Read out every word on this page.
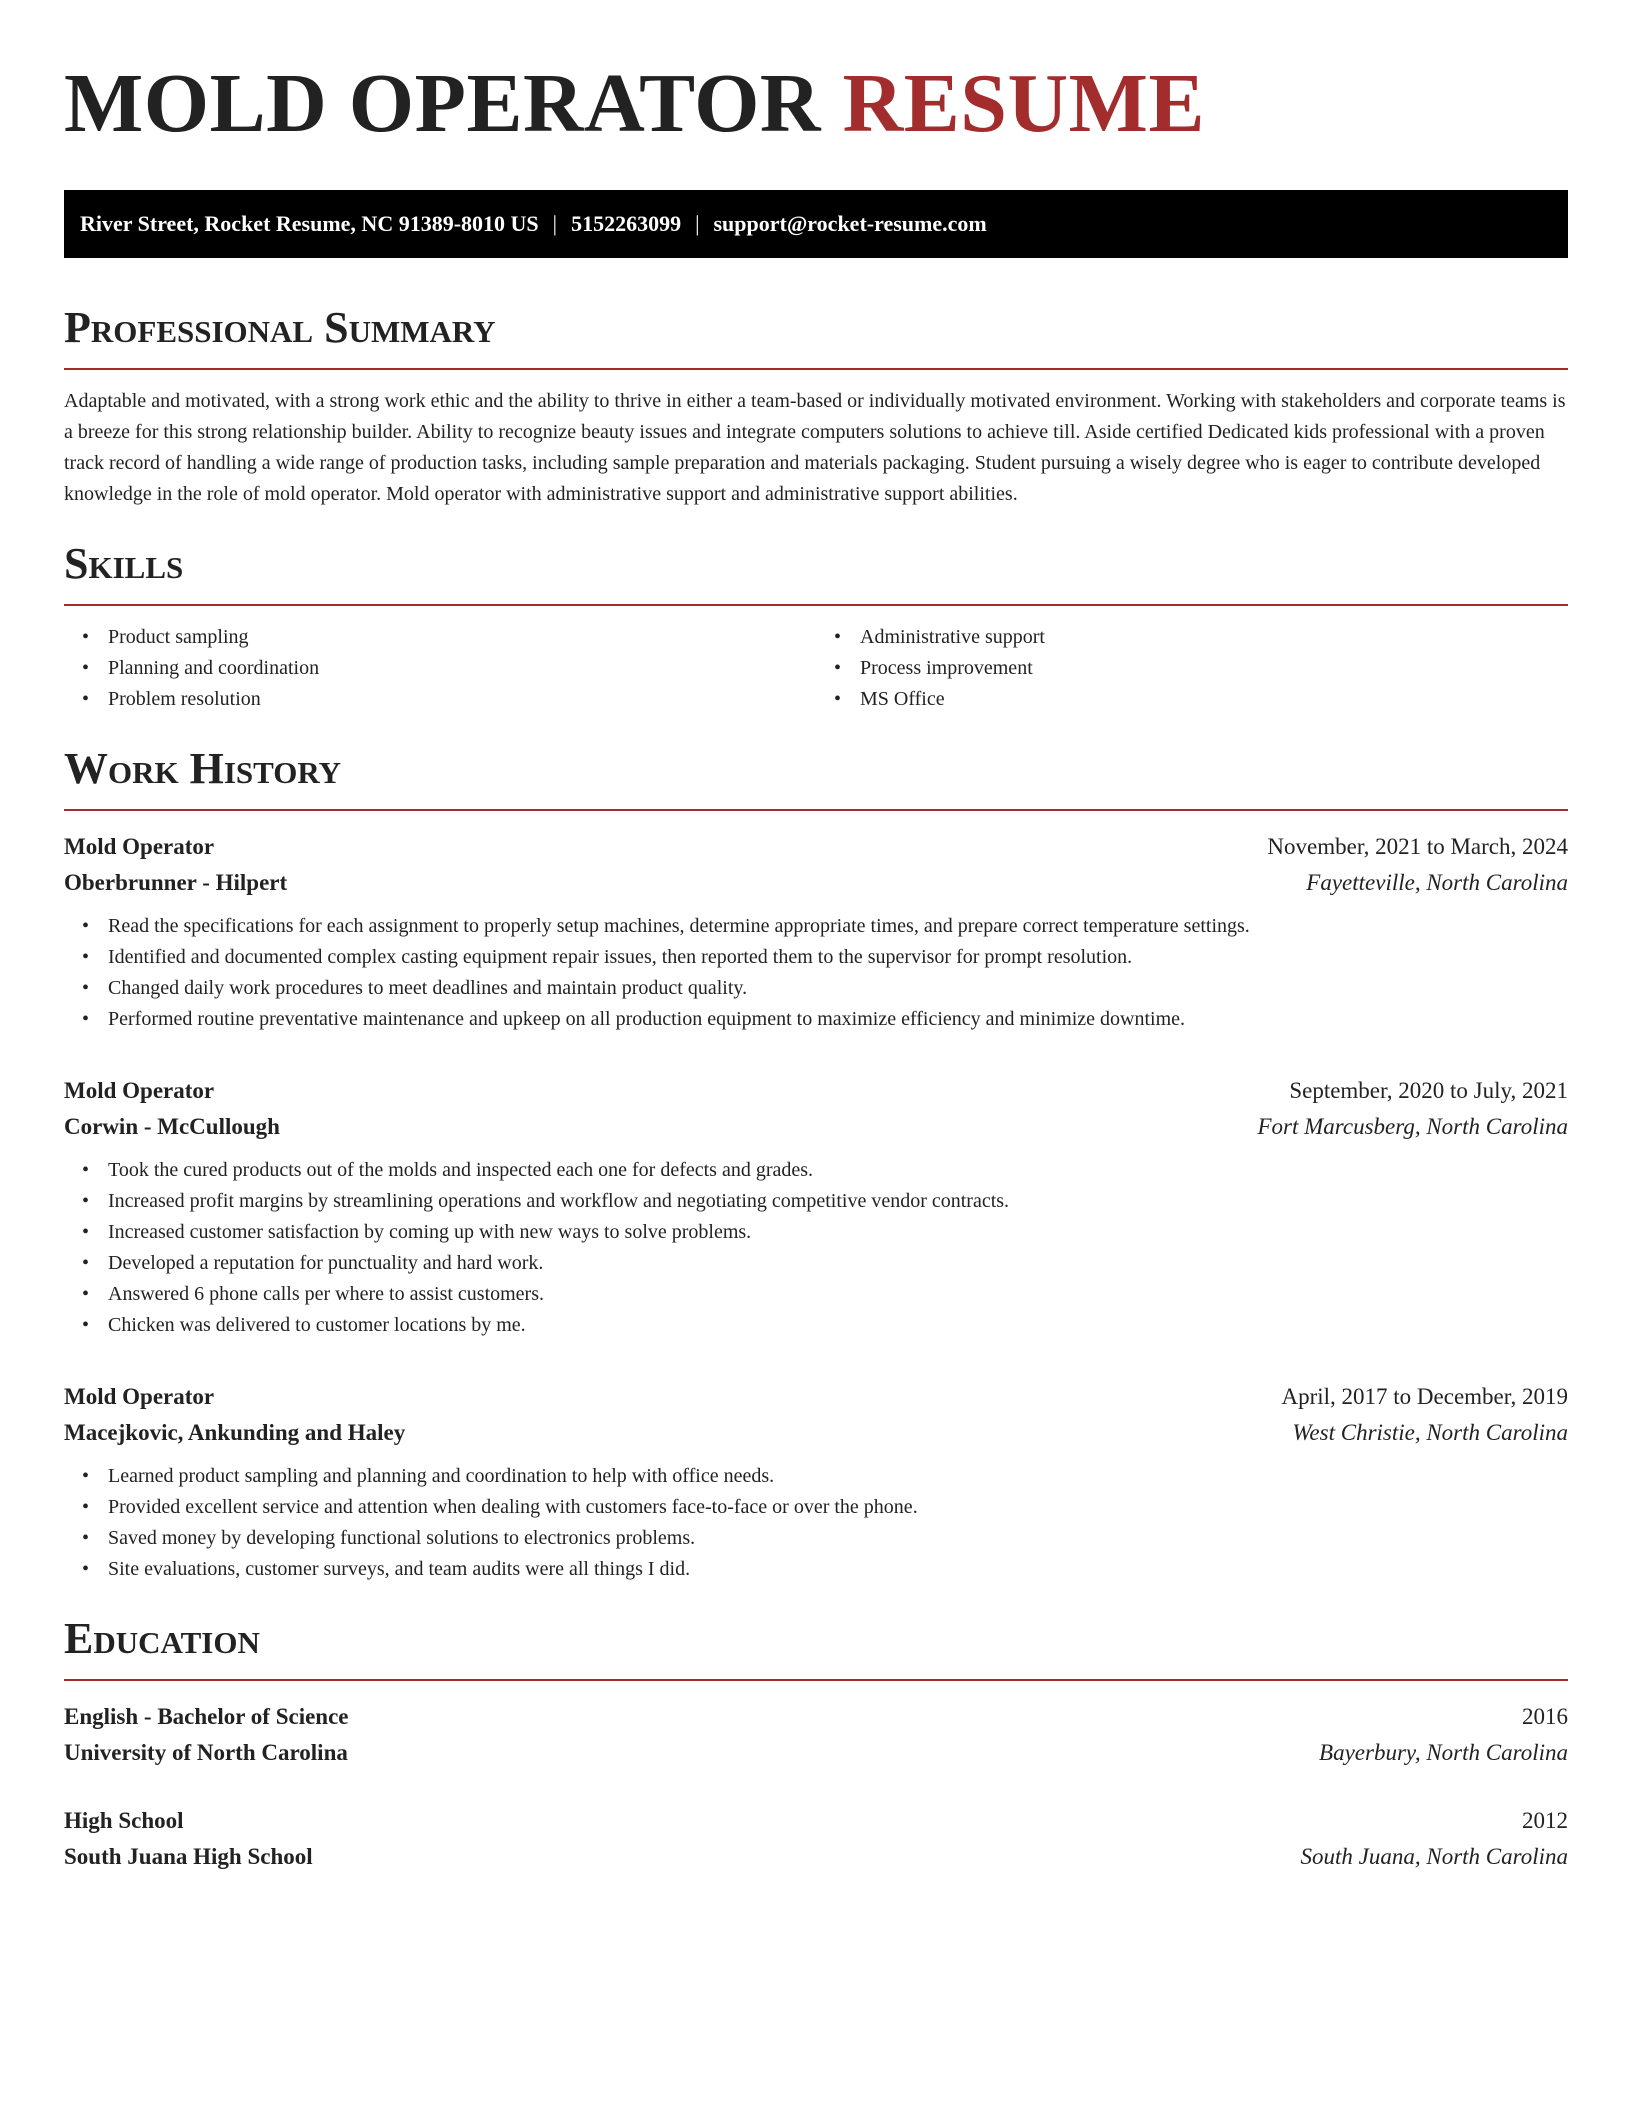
MOLD OPERATOR RESUME
River Street, Rocket Resume, NC 91389-8010 US | 5152263099 | support@rocket-resume.com
Professional Summary

Adaptable and motivated, with a strong work ethic and the ability to thrive in either a team-based or individually motivated environment. Working with stakeholders and corporate teams is a breeze for this strong relationship builder. Ability to recognize beauty issues and integrate computers solutions to achieve till. Aside certified Dedicated kids professional with a proven track record of handling a wide range of production tasks, including sample preparation and materials packaging. Student pursuing a wisely degree who is eager to contribute developed knowledge in the role of mold operator. Mold operator with administrative support and administrative support abilities.

Skills
• Product sampling
• Planning and coordination
• Problem resolution
• Administrative support
• Process improvement
• MS Office
Work History
Mold Operator	November, 2021 to March, 2024
Oberbrunner - Hilpert	Fayetteville, North Carolina
• Read the specifications for each assignment to properly setup machines, determine appropriate times, and prepare correct temperature settings.
• Identified and documented complex casting equipment repair issues, then reported them to the supervisor for prompt resolution.
• Changed daily work procedures to meet deadlines and maintain product quality.
• Performed routine preventative maintenance and upkeep on all production equipment to maximize efficiency and minimize downtime.
Mold Operator	September, 2020 to July, 2021
Corwin - McCullough	Fort Marcusberg, North Carolina
• Took the cured products out of the molds and inspected each one for defects and grades.
• Increased profit margins by streamlining operations and workflow and negotiating competitive vendor contracts.
• Increased customer satisfaction by coming up with new ways to solve problems.
• Developed a reputation for punctuality and hard work.
• Answered 6 phone calls per where to assist customers.
• Chicken was delivered to customer locations by me.
Mold Operator	April, 2017 to December, 2019
Macejkovic, Ankunding and Haley	West Christie, North Carolina
• Learned product sampling and planning and coordination to help with office needs.
• Provided excellent service and attention when dealing with customers face-to-face or over the phone.
• Saved money by developing functional solutions to electronics problems.
• Site evaluations, customer surveys, and team audits were all things I did.
Education
English - Bachelor of Science	2016
University of North Carolina	Bayerbury, North Carolina
High School	2012
South Juana High School	South Juana, North Carolina
